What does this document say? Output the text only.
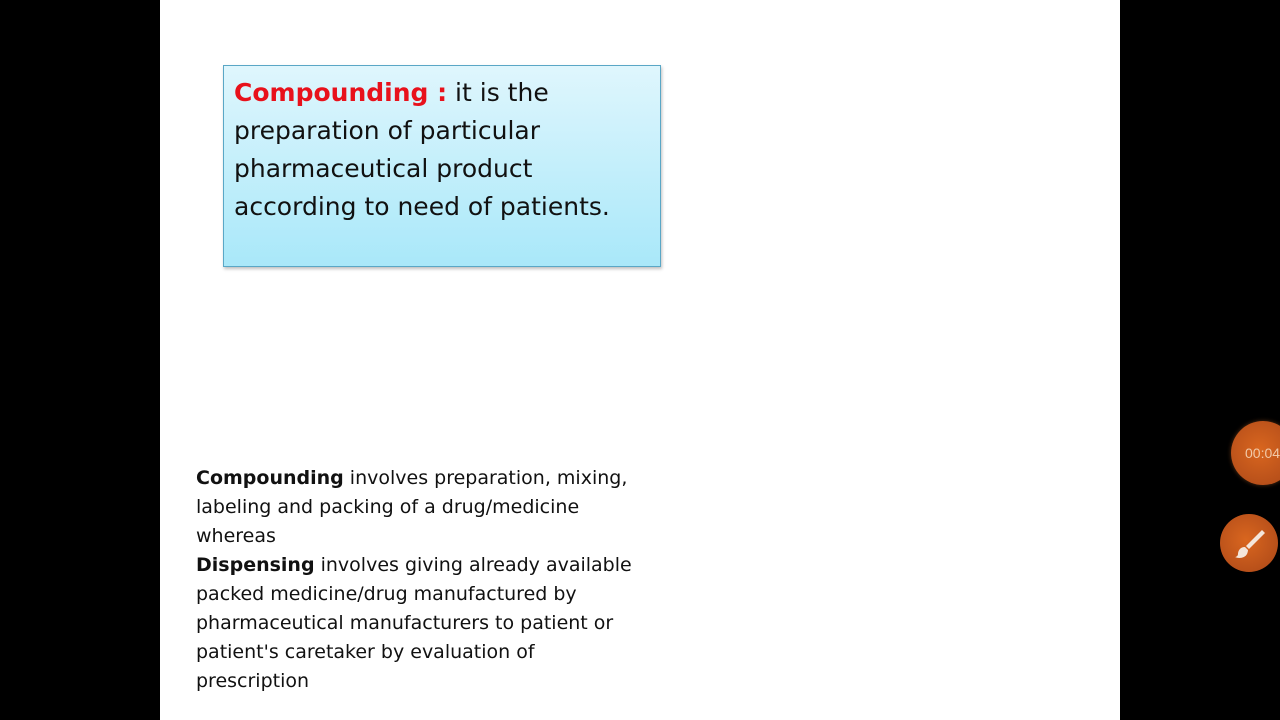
Compounding : it is the preparation of particular pharmaceutical product according to need of patients.
Compounding involves preparation, mixing, labeling and packing of a drug/medicine whereas
Dispensing involves giving already available packed medicine/drug manufactured by pharmaceutical manufacturers to patient or patient's caretaker by evaluation of prescription
00:04
